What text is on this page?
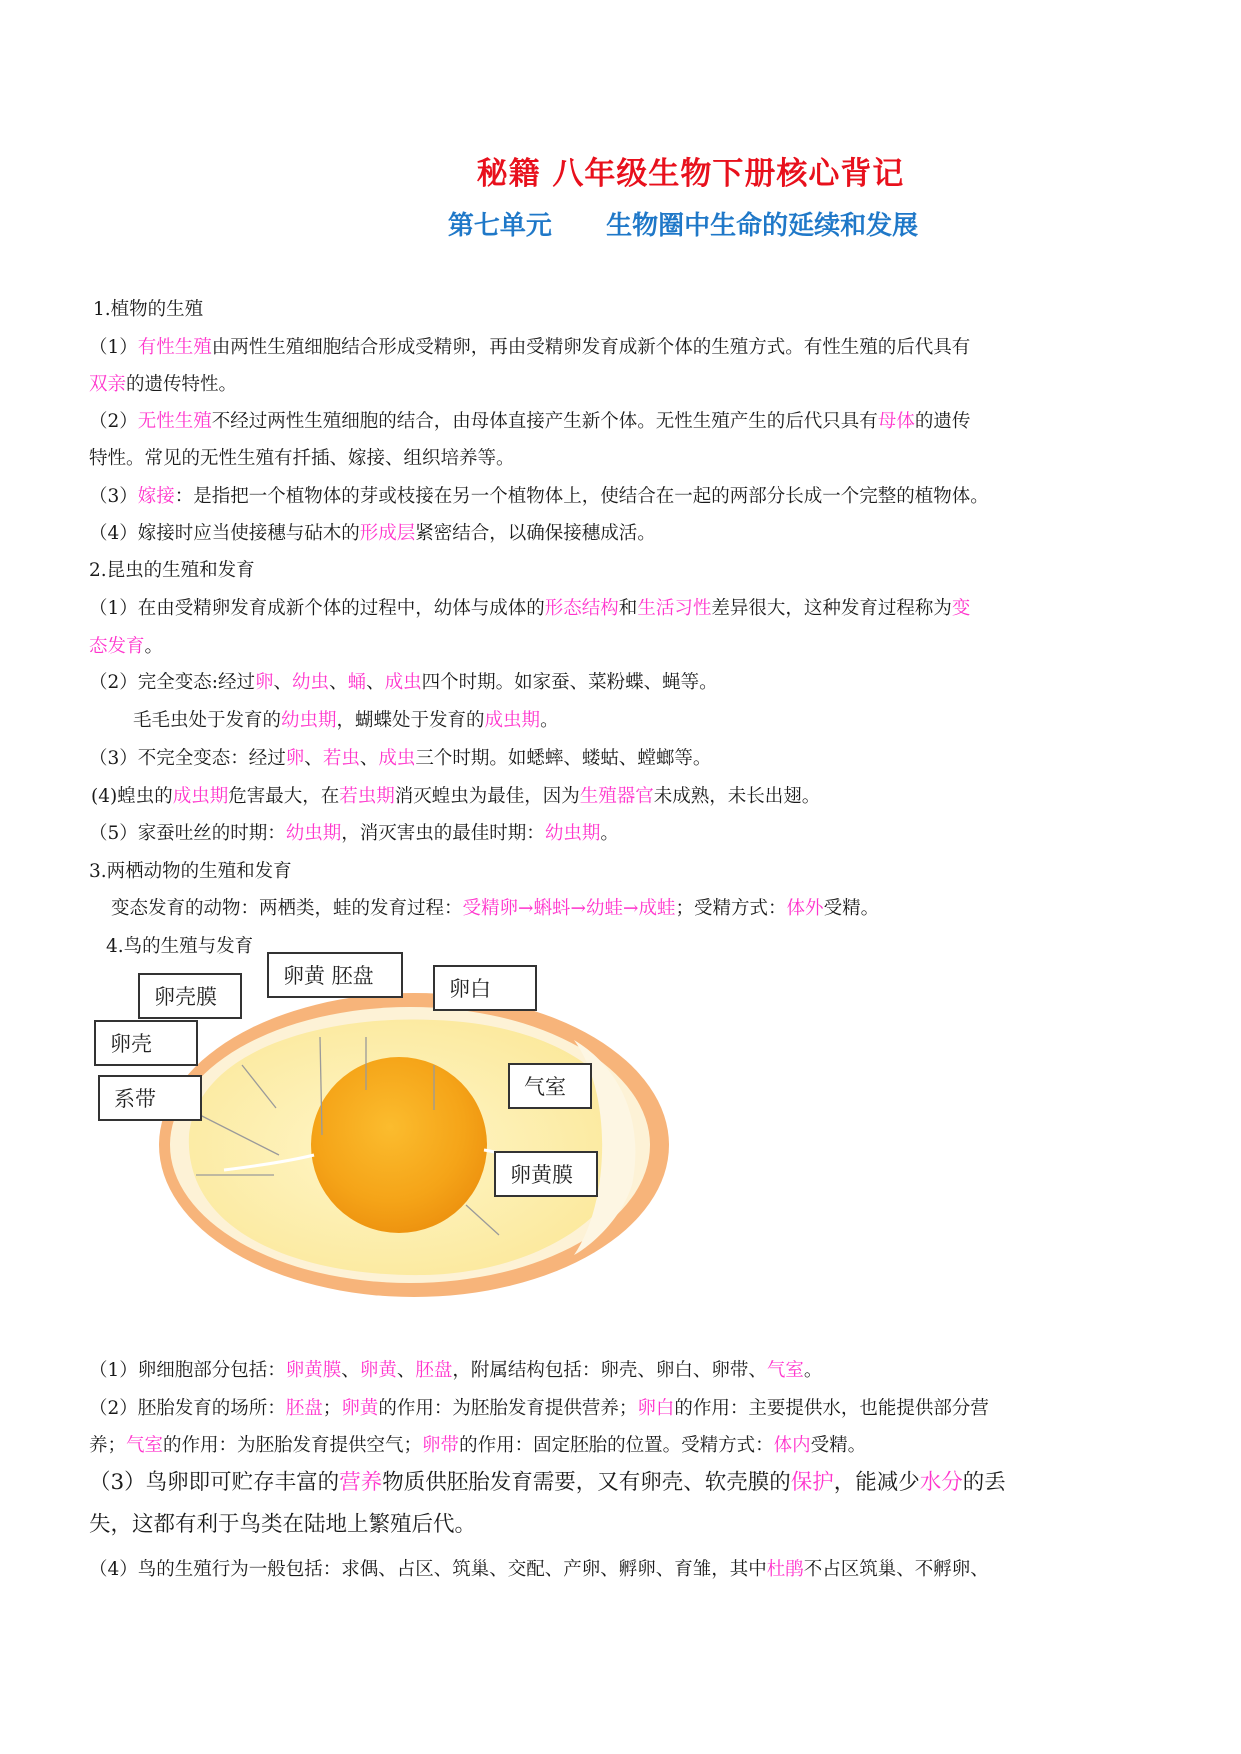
秘籍 八年级生物下册核心背记
第七单元      生物圈中生命的延续和发展
1.植物的生殖
（1）有性生殖由两性生殖细胞结合形成受精卵，再由受精卵发育成新个体的生殖方式。有性生殖的后代具有
双亲的遗传特性。
（2）无性生殖不经过两性生殖细胞的结合，由母体直接产生新个体。无性生殖产生的后代只具有母体的遗传
特性。常见的无性生殖有扦插、嫁接、组织培养等。
（3）嫁接：是指把一个植物体的芽或枝接在另一个植物体上，使结合在一起的两部分长成一个完整的植物体。
（4）嫁接时应当使接穗与砧木的形成层紧密结合，以确保接穗成活。
2.昆虫的生殖和发育
（1）在由受精卵发育成新个体的过程中，幼体与成体的形态结构和生活习性差异很大，这种发育过程称为变
态发育。
（2）完全变态:经过卵、幼虫、蛹、成虫四个时期。如家蚕、菜粉蝶、蝇等。
毛毛虫处于发育的幼虫期，蝴蝶处于发育的成虫期。
（3）不完全变态：经过卵、若虫、成虫三个时期。如蟋蟀、蝼蛄、螳螂等。
(4)蝗虫的成虫期危害最大，在若虫期消灭蝗虫为最佳，因为生殖器官未成熟，未长出翅。
（5）家蚕吐丝的时期：幼虫期，消灭害虫的最佳时期：幼虫期。
3.两栖动物的生殖和发育
变态发育的动物：两栖类，蛙的发育过程：受精卵→蝌蚪→幼蛙→成蛙；受精方式：体外受精。
4.鸟的生殖与发育
卵壳膜
卵黄 胚盘
卵白
卵壳
系带	气室
卵黄膜
（1）卵细胞部分包括：卵黄膜、卵黄、胚盘，附属结构包括：卵壳、卵白、卵带、气室。
（2）胚胎发育的场所：胚盘；卵黄的作用：为胚胎发育提供营养；卵白的作用：主要提供水，也能提供部分营
养；气室的作用：为胚胎发育提供空气；卵带的作用：固定胚胎的位置。受精方式：体内受精。
（3）鸟卵即可贮存丰富的营养物质供胚胎发育需要，又有卵壳、软壳膜的保护，能减少水分的丢
失，这都有利于鸟类在陆地上繁殖后代。
（4）鸟的生殖行为一般包括：求偶、占区、筑巢、交配、产卵、孵卵、育雏，其中杜鹃不占区筑巢、不孵卵、
